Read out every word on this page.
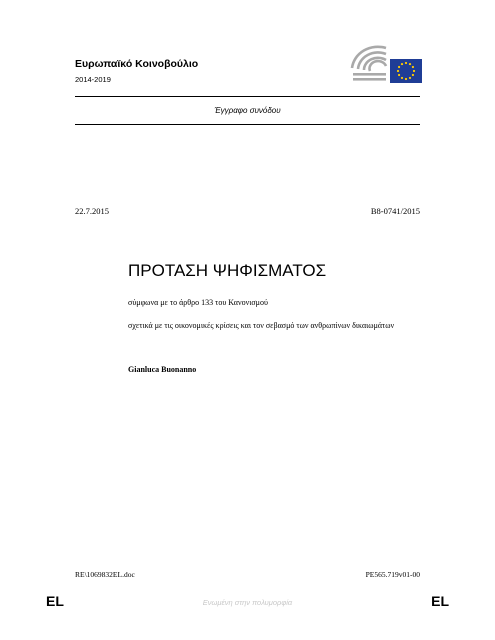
Ευρωπαϊκό Κοινοβούλιο
2014-2019
Έγγραφο συνόδου
22.7.2015	B8-0741/2015
ΠΡΟΤΑΣΗ ΨΗΦΙΣΜΑΤΟΣ
σύμφωνα με το άρθρο 133 του Κανονισμού
σχετικά με τις οικονομικές κρίσεις και τον σεβασμό των ανθρωπίνων δικαιωμάτων
Gianluca Buonanno
RE\1069832EL.doc	PE565.719v01-00
EL	Ενωμένη στην πολυμορφία	EL
